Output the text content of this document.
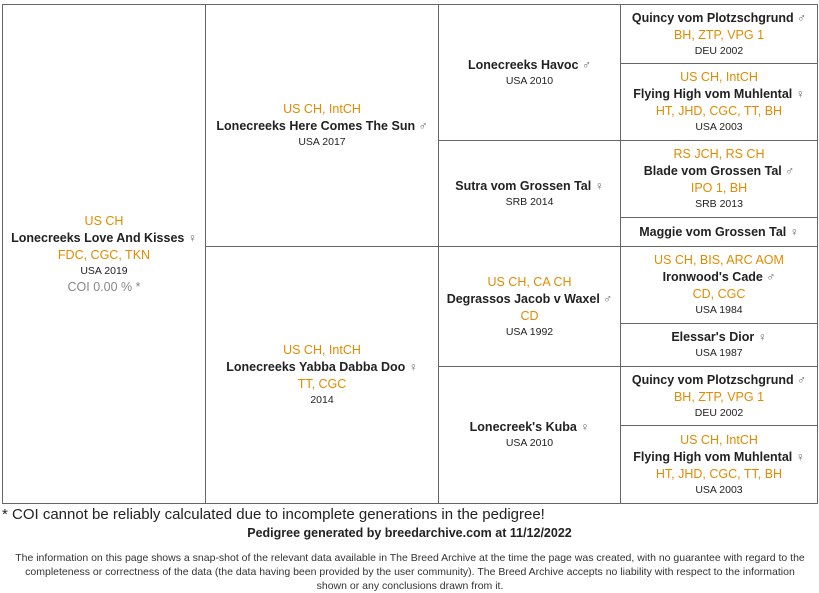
US CH
Lonecreeks Love And Kisses ♀
FDC, CGC, TKN
USA 2019
COI 0.00 % *
US CH, IntCH
Lonecreeks Here Comes The Sun ♂
USA 2017
US CH, IntCH
Lonecreeks Yabba Dabba Doo ♀
TT, CGC
2014
Lonecreeks Havoc ♂
USA 2010
Sutra vom Grossen Tal ♀
SRB 2014
US CH, CA CH
Degrassos Jacob v Waxel ♂
CD
USA 1992
Lonecreek's Kuba ♀
USA 2010
Quincy vom Plotzschgrund ♂
BH, ZTP, VPG 1
DEU 2002
US CH, IntCH
Flying High vom Muhlental ♀
HT, JHD, CGC, TT, BH
USA 2003
RS JCH, RS CH
Blade vom Grossen Tal ♂
IPO 1, BH
SRB 2013
Maggie vom Grossen Tal ♀
US CH, BIS, ARC AOM
Ironwood's Cade ♂
CD, CGC
USA 1984
Elessar's Dior ♀
USA 1987
Quincy vom Plotzschgrund ♂
BH, ZTP, VPG 1
DEU 2002
US CH, IntCH
Flying High vom Muhlental ♀
HT, JHD, CGC, TT, BH
USA 2003
* COI cannot be reliably calculated due to incomplete generations in the pedigree!
Pedigree generated by breedarchive.com at 11/12/2022
The information on this page shows a snap-shot of the relevant data available in The Breed Archive at the time the page was created, with no guarantee with regard to the completeness or correctness of the data (the data having been provided by the user community). The Breed Archive accepts no liability with respect to the information shown or any conclusions drawn from it.
